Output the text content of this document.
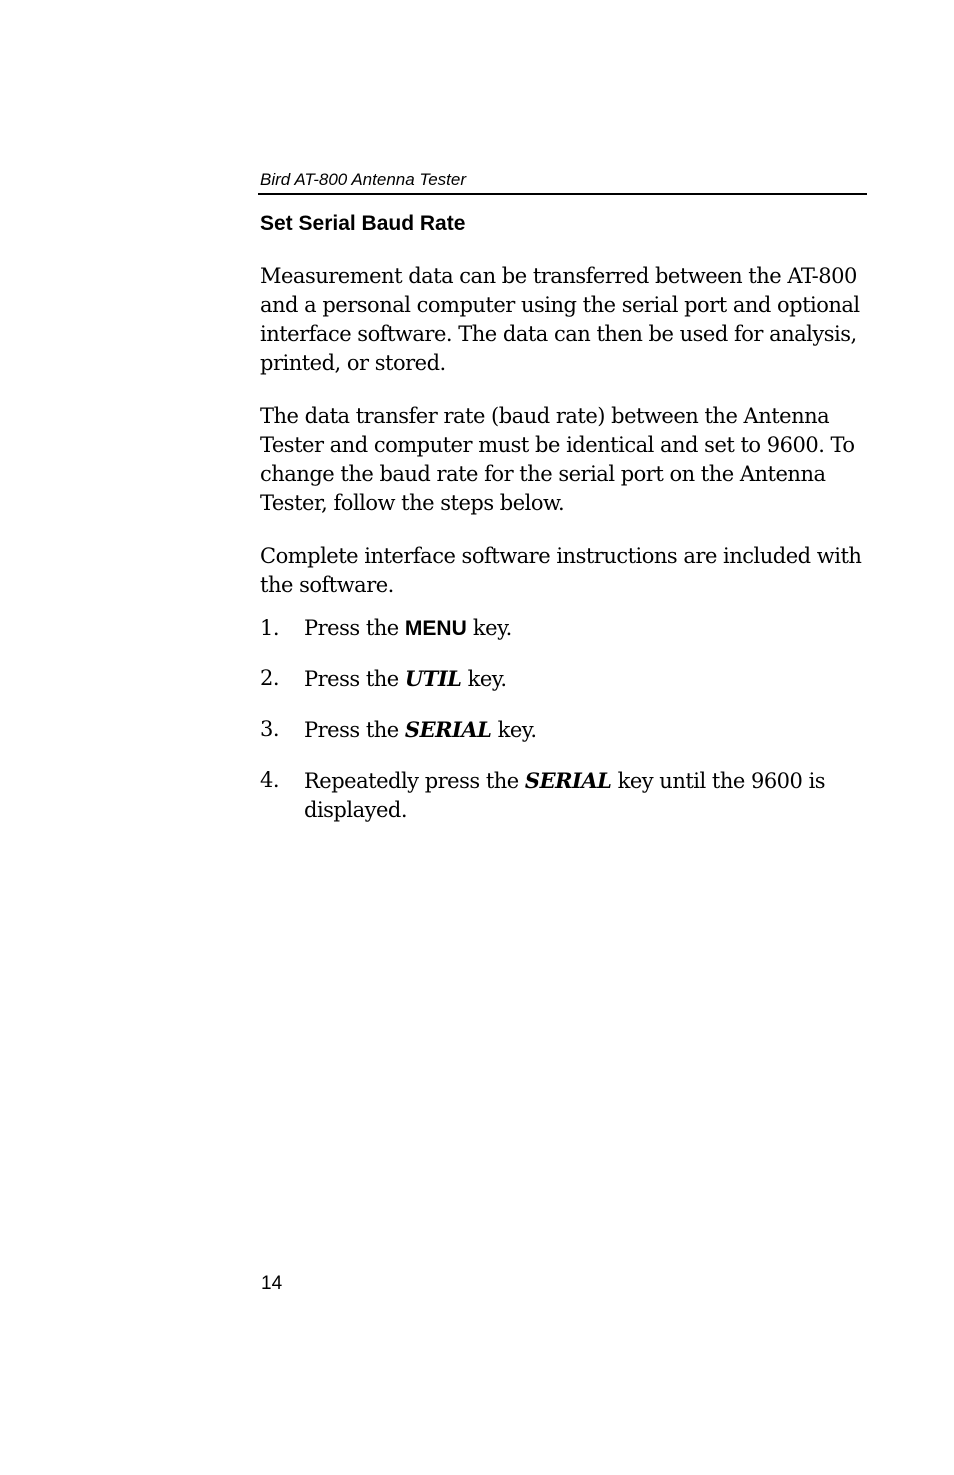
Bird AT-800 Antenna Tester

Set Serial Baud Rate

Measurement data can be transferred between the AT-800 and a personal computer using the serial port and optional interface software. The data can then be used for analysis, printed, or stored.

The data transfer rate (baud rate) between the Antenna Tester and computer must be identical and set to 9600. To change the baud rate for the serial port on the Antenna Tester, follow the steps below.

Complete interface software instructions are included with the software.

1. Press the MENU key.
2. Press the UTIL key.
3. Press the SERIAL key.
4. Repeatedly press the SERIAL key until the 9600 is displayed.

14
